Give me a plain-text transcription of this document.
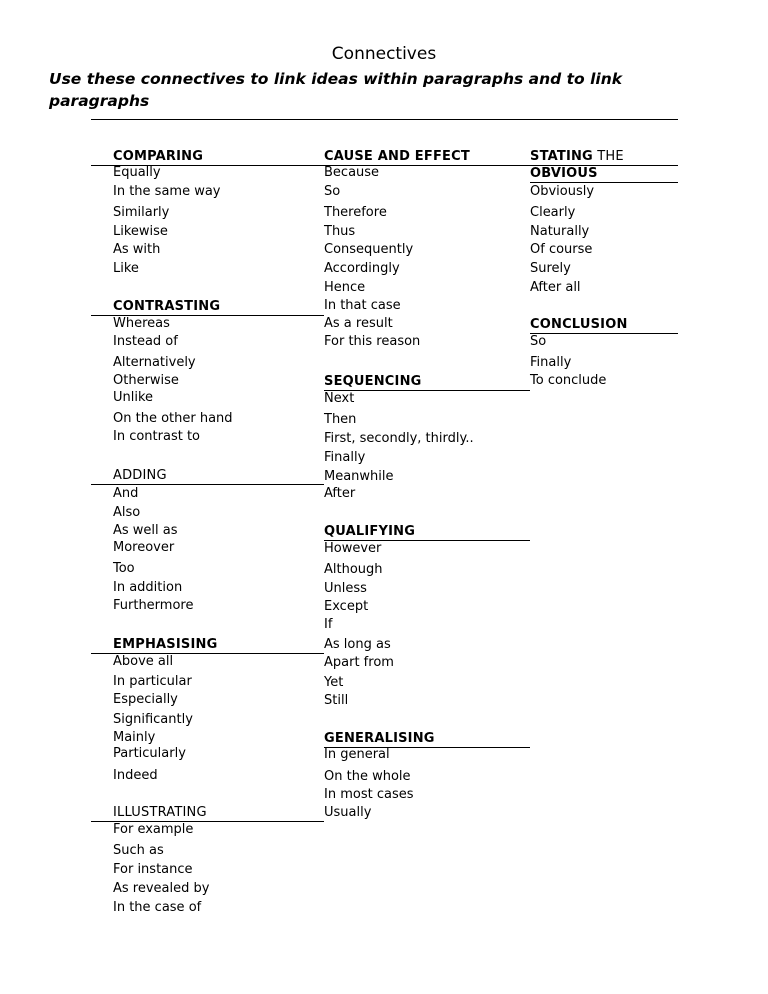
Connectives
Use these connectives to link ideas within paragraphs and to link paragraphs
COMPARING
Equally
In the same way
Similarly
Likewise
As with
Like
CONTRASTING
Whereas
Instead of
Alternatively
Otherwise
Unlike
On the other hand
In contrast to
ADDING
And
Also
As well as
Moreover
Too
In addition
Furthermore
EMPHASISING
Above all
In particular
Especially
Significantly
Mainly
Particularly
Indeed
ILLUSTRATING
For example
Such as
For instance
As revealed by
In the case of
CAUSE AND EFFECT
Because
So
Therefore
Thus
Consequently
Accordingly
Hence
In that case
As a result
For this reason
SEQUENCING
Next
Then
First, secondly, thirdly..
Finally
Meanwhile
After
QUALIFYING
However
Although
Unless
Except
If
As long as
Apart from
Yet
Still
GENERALISING
In general
On the whole
In most cases
Usually
STATING THE
OBVIOUS
Obviously
Clearly
Naturally
Of course
Surely
After all
CONCLUSION
So
Finally
To conclude
